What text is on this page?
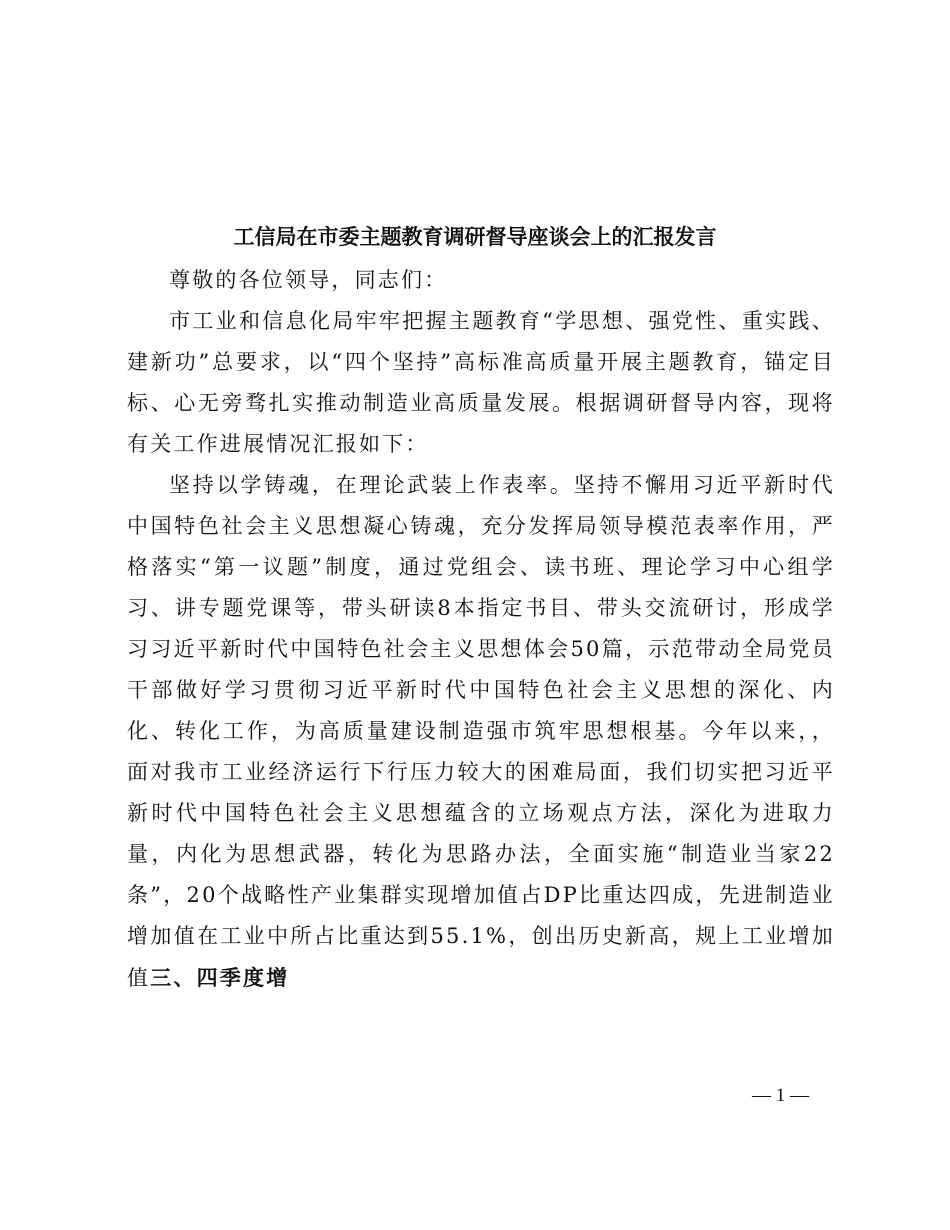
工信局在市委主题教育调研督导座谈会上的汇报发言

尊敬的各位领导，同志们：

市工业和信息化局牢牢把握主题教育“学思想、强党性、重实践、建新功”总要求，以“四个坚持”高标准高质量开展主题教育，锚定目标、心无旁骛扎实推动制造业高质量发展。根据调研督导内容，现将有关工作进展情况汇报如下：

坚持以学铸魂，在理论武装上作表率。坚持不懈用习近平新时代中国特色社会主义思想凝心铸魂，充分发挥局领导模范表率作用，严格落实“第一议题”制度，通过党组会、读书班、理论学习中心组学习、讲专题党课等，带头研读8本指定书目、带头交流研讨，形成学习习近平新时代中国特色社会主义思想体会50篇，示范带动全局党员干部做好学习贯彻习近平新时代中国特色社会主义思想的深化、内化、转化工作，为高质量建设制造强市筑牢思想根基。今年以来，，面对我市工业经济运行下行压力较大的困难局面，我们切实把习近平新时代中国特色社会主义思想蕴含的立场观点方法，深化为进取力量，内化为思想武器，转化为思路办法，全面实施“制造业当家22条”，20个战略性产业集群实现增加值占DP比重达四成，先进制造业增加值在工业中所占比重达到55.1%，创出历史新高，规上工业增加值三、四季度增

— 1 —
